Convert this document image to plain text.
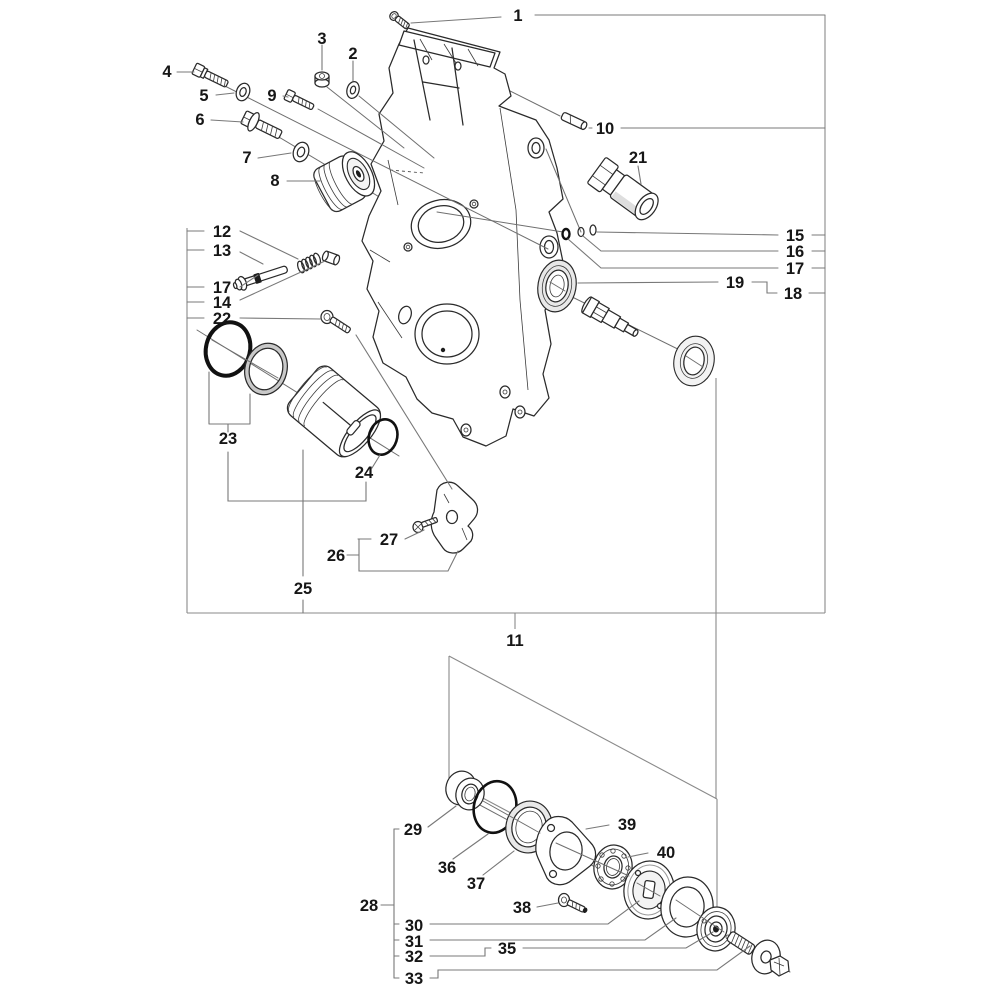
1
2
3
4
5
6
7
8
9
10
11
12
13
17
14
22
15
16
17
19
18
21
23
24
25
26
27
28
29
30
31
32
33
35
36
37
38
39
40
